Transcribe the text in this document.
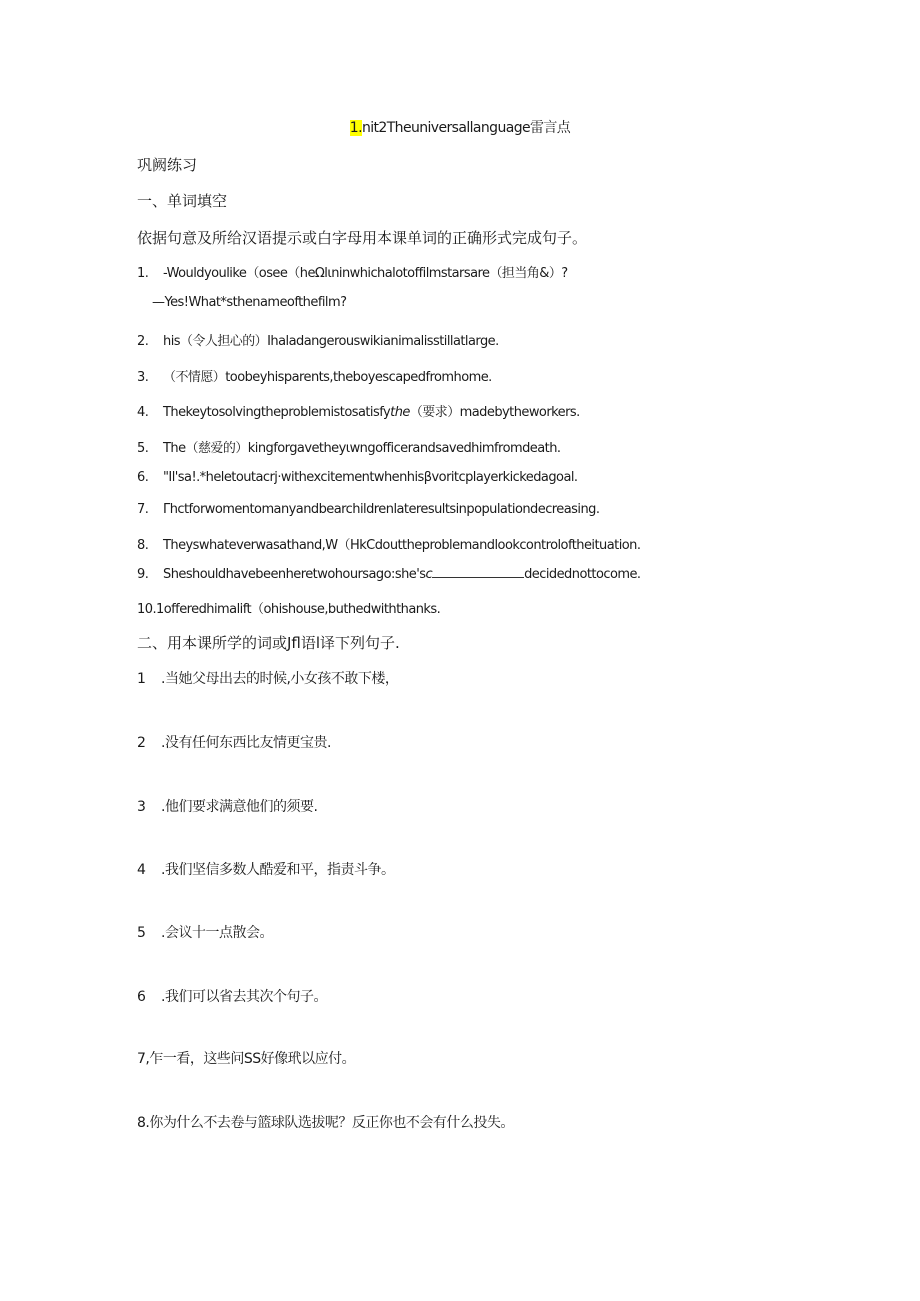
1.nit2Theuniversallanguage雷言点
巩阙练习
一、单词填空
依据句意及所给汉语提示或白字母用本课单词的正确形式完成句子。
1. -Wouldyoulike（osee（heΩlιninwhichalotoffilmstarsare（担当角&）?
—Yes!What*sthenameofthefilm?
2. his（令人担心的）Ihaladangerouswikianimalisstillatlarge.
3. （不情愿）toobeyhisparents,theboyescapedfromhome.
4. Thekeytosolvingtheproblemistosatisfythe（要求）madebytheworkers.
5. The（慈爱的）kingforgavetheyιwngofficerandsavedhimfromdeath.
6. "Il'sa!.*heletoutacrj·withexcitementwhenhisβvoritcplayerkickedagoal.
7. Γhctforwomentomanyandbearchildrenlateresultsinpopulationdecreasing.
8. Theyswhateverwasathand,W（HkCdouttheproblemandlookcontroloftheituation.
9. Sheshouldhavebeenheretwohoursago:she'sc	decidednottocome.
10.1offeredhimalift（ohishouse,buthedwiththanks.
二、用本课所学的词或Jfl语l译下列句子.
1 .当她父母出去的时候,小女孩不敢下楼，
2 .没有任何东西比友情更宝贵.
3 .他们要求满意他们的须要.
4 .我们坚信多数人酷爱和平，指责斗争。
5 .会议十一点散会。
6 .我们可以省去其次个句子。
7,乍一看，这些问SS好像玳以应付。
8.你为什么不去卷与篮球队选拔呢？反正你也不会有什么投失。
